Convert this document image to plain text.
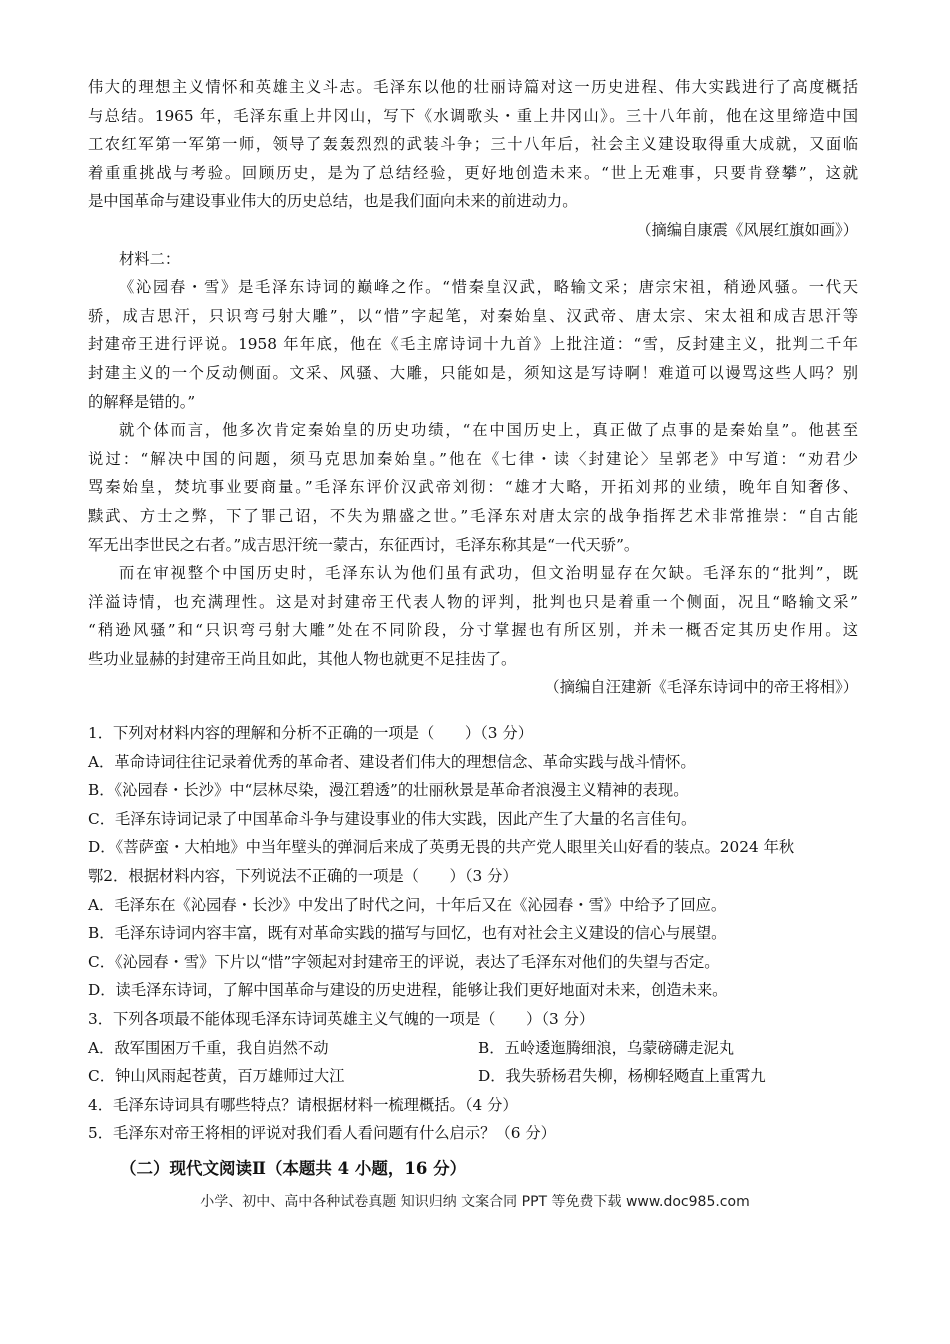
伟大的理想主义情怀和英雄主义斗志。毛泽东以他的壮丽诗篇对这一历史进程、伟大实践进行了高度概括
与总结。1965 年，毛泽东重上井冈山，写下《水调歌头・重上井冈山》。三十八年前，他在这里缔造中国
工农红军第一军第一师，领导了轰轰烈烈的武装斗争；三十八年后，社会主义建设取得重大成就，又面临
着重重挑战与考验。回顾历史，是为了总结经验，更好地创造未来。“世上无难事，只要肯登攀”，这就
是中国革命与建设事业伟大的历史总结，也是我们面向未来的前进动力。
（摘编自康震《风展红旗如画》）
材料二：
《沁园春・雪》是毛泽东诗词的巅峰之作。“惜秦皇汉武，略输文采；唐宗宋祖，稍逊风骚。一代天
骄，成吉思汗，只识弯弓射大雕”，以“惜”字起笔，对秦始皇、汉武帝、唐太宗、宋太祖和成吉思汗等
封建帝王进行评说。1958 年年底，他在《毛主席诗词十九首》上批注道：“雪，反封建主义，批判二千年
封建主义的一个反动侧面。文采、风骚、大雕，只能如是，须知这是写诗啊！难道可以谩骂这些人吗？别
的解释是错的。”
就个体而言，他多次肯定秦始皇的历史功绩，“在中国历史上，真正做了点事的是秦始皇”。他甚至
说过：“解决中国的问题，须马克思加秦始皇。”他在《七律・读〈封建论〉呈郭老》中写道：“劝君少
骂秦始皇，焚坑事业要商量。”毛泽东评价汉武帝刘彻：“雄才大略，开拓刘邦的业绩，晚年自知奢侈、
黩武、方士之弊，下了罪己诏，不失为鼎盛之世。”毛泽东对唐太宗的战争指挥艺术非常推崇：“自古能
军无出李世民之右者。”成吉思汗统一蒙古，东征西讨，毛泽东称其是“一代天骄”。
而在审视整个中国历史时，毛泽东认为他们虽有武功，但文治明显存在欠缺。毛泽东的“批判”，既
洋溢诗情，也充满理性。这是对封建帝王代表人物的评判，批判也只是着重一个侧面，况且“略输文采”
“稍逊风骚”和“只识弯弓射大雕”处在不同阶段，分寸掌握也有所区别，并未一概否定其历史作用。这
些功业显赫的封建帝王尚且如此，其他人物也就更不足挂齿了。
（摘编自汪建新《毛泽东诗词中的帝王将相》）
1．下列对材料内容的理解和分析不正确的一项是（　　）（3 分）
A．革命诗词往往记录着优秀的革命者、建设者们伟大的理想信念、革命实践与战斗情怀。
B．《沁园春・长沙》中“层林尽染，漫江碧透”的壮丽秋景是革命者浪漫主义精神的表现。
C．毛泽东诗词记录了中国革命斗争与建设事业的伟大实践，因此产生了大量的名言佳句。
D．《菩萨蛮・大柏地》中当年壁头的弹洞后来成了英勇无畏的共产党人眼里关山好看的装点。2024 年秋
鄂2．根据材料内容，下列说法不正确的一项是（　　）（3 分）
A．毛泽东在《沁园春・长沙》中发出了时代之问，十年后又在《沁园春・雪》中给予了回应。
B．毛泽东诗词内容丰富，既有对革命实践的描写与回忆，也有对社会主义建设的信心与展望。
C．《沁园春・雪》下片以“惜”字领起对封建帝王的评说，表达了毛泽东对他们的失望与否定。
D．读毛泽东诗词，了解中国革命与建设的历史进程，能够让我们更好地面对未来，创造未来。
3．下列各项最不能体现毛泽东诗词英雄主义气魄的一项是（　　）（3 分）
A．敌军围困万千重，我自岿然不动	B．五岭逶迤腾细浪，乌蒙磅礴走泥丸
C．钟山风雨起苍黄，百万雄师过大江	D．我失骄杨君失柳，杨柳轻飏直上重霄九
4．毛泽东诗词具有哪些特点？请根据材料一梳理概括。（4 分）
5．毛泽东对帝王将相的评说对我们看人看问题有什么启示？（6 分）
（二）现代文阅读Ⅱ（本题共 4 小题，16 分）
小学、初中、高中各种试卷真题 知识归纳 文案合同 PPT 等免费下载 www.doc985.com
